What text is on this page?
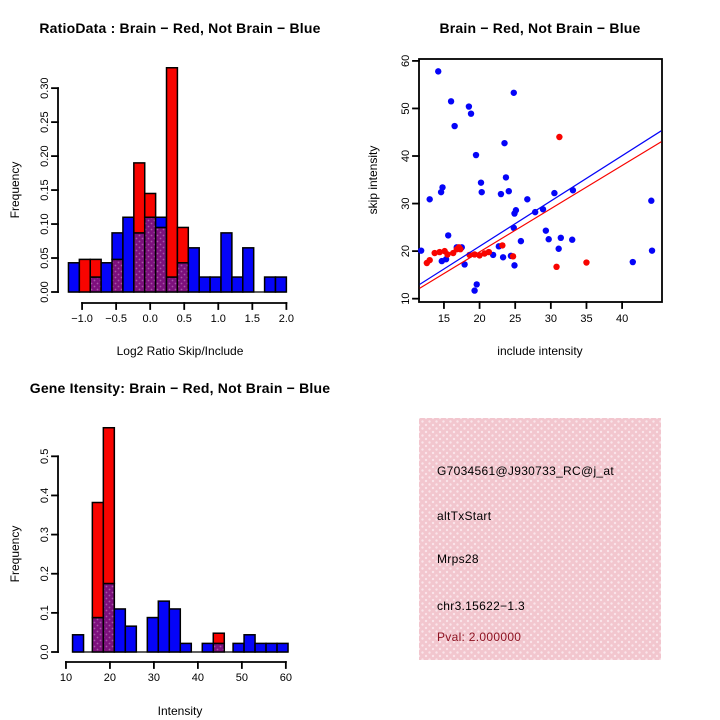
RatioData : Brain − Red, Not Brain − Blue
Frequency
0.00
0.05
0.10
0.15
0.20
0.25
0.30
−1.0 −0.5 0.0 0.5 1.0 1.5 2.0
Log2 Ratio Skip/Include
Brain − Red, Not Brain − Blue
skip intensity
15 20 25 30 35 40
10
20
30
40
50
60
include intensity
Gene Itensity: Brain − Red, Not Brain − Blue
Frequency
0.0
0.1
0.2
0.3
0.4
0.5
10	20	30	40	50	60
Intensity
G7034561@J930733_RC@j_at
altTxStart
Mrps28
chr3.15622−1.3
Pval: 2.000000
